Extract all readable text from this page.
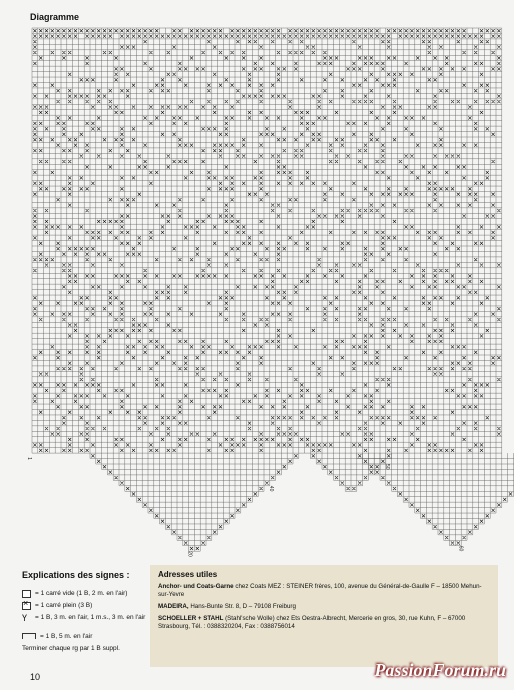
Diagramme
1
20
40
50
60
Explications des signes :
= 1 carré vide (1 B, 2 m. en l'air)
×
= 1 carré plein (3 B)
Ү	= 1 B, 3 m. en l'air, 1 m.s., 3 m. en l'air
= 1 B, 5 m. en l'air
Terminer chaque rg par 1 B suppl.
Adresses utiles

Anchor- und Coats-Garne chez Coats MEZ : STEINER frères, 100, avenue du Général-de-Gaulle F – 18500 Mehun-sur-Yevre

MADEIRA, Hans-Bunte Str. 8, D – 79108 Freiburg

SCHOELLER + STAHL (Stahl'sche Wolle) chez Ets Oestra-Albrecht, Mercerie en gros, 30, rue Kuhn, F – 67000 Strasbourg, Tél. : 0388320204, Fax : 0388756014

10	PassionForum.ru
